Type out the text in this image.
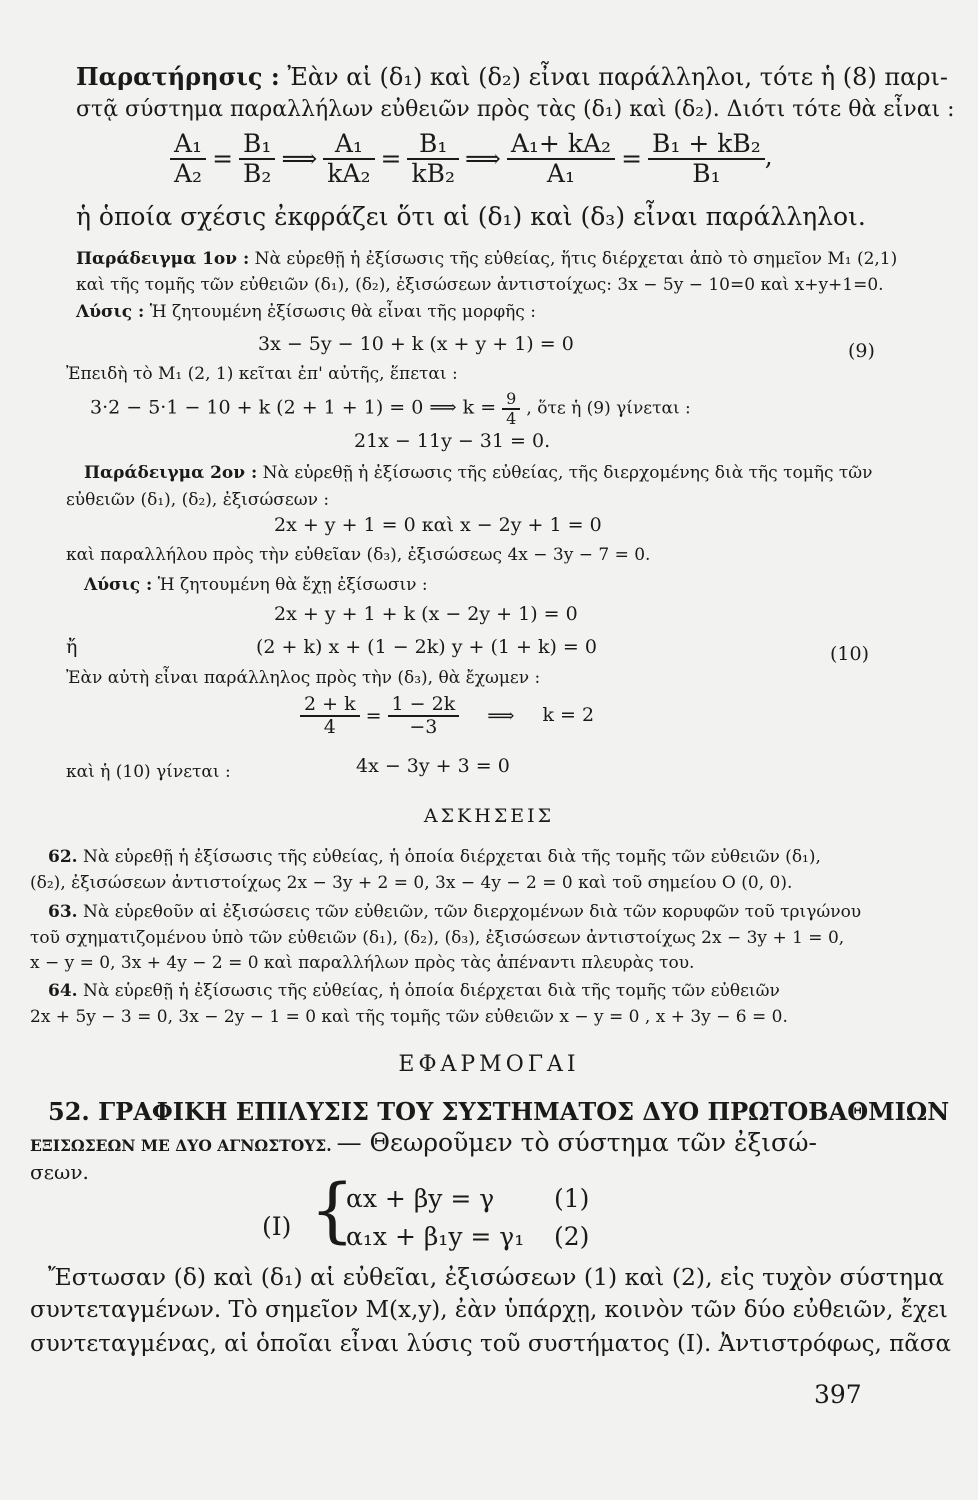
Παρατήρησις : Ἐὰν αἱ (δ₁) καὶ (δ₂) εἶναι παράλληλοι, τότε ἡ (8) παρι-
στᾷ σύστημα παραλλήλων εὐθειῶν πρὸς τὰς (δ₁) καὶ (δ₂). Διότι τότε θὰ εἶναι :
$\frac{\text{A₁}}{\text{A₂}} = \frac{\text{B₁}}{\text{B₂}}$ ⟹ $\frac{\text{A₁}}{\text{kA₂}} = \frac{\text{B₁}}{\text{kB₂}}$ ⟹ $\frac{\text{A₁+ kA₂}}{\text{A₁}} = \frac{\text{B₁ + kB₂}}{\text{B₁}}$ ,
ἡ ὁποία σχέσις ἐκφράζει ὅτι αἱ (δ₁) καὶ (δ₃) εἶναι παράλληλοι.
Παράδειγμα 1ον : Νὰ εὑρεθῇ ἡ ἐξίσωσις τῆς εὐθείας, ἥτις διέρχεται ἀπὸ τὸ σημεῖον M₁ (2,1)
καὶ τῆς τομῆς τῶν εὐθειῶν (δ₁), (δ₂), ἐξισώσεων ἀντιστοίχως: 3x − 5y − 10=0 καὶ x+y+1=0.
Λύσις : Ἡ ζητουμένη ἐξίσωσις θὰ εἶναι τῆς μορφῆς :
3x − 5y − 10 + k (x + y + 1) = 0	(9)
Ἐπειδὴ τὸ M₁ (2, 1) κεῖται ἐπ' αὐτῆς, ἕπεται :
3·2 − 5·1 − 10 + k (2 + 1 + 1) = 0 ⟹ $k = \frac{9}{4}$ , ὅτε ἡ (9) γίνεται :
21x − 11y − 31 = 0.
Παράδειγμα 2ον : Νὰ εὑρεθῇ ἡ ἐξίσωσις τῆς εὐθείας, τῆς διερχομένης διὰ τῆς τομῆς τῶν
εὐθειῶν (δ₁), (δ₂), ἐξισώσεων :
2x + y + 1 = 0 καὶ x − 2y + 1 = 0
καὶ παραλλήλου πρὸς τὴν εὐθεῖαν (δ₃), ἐξισώσεως 4x − 3y − 7 = 0.
Λύσις : Ἡ ζητουμένη θὰ ἔχῃ ἐξίσωσιν :
2x + y + 1 + k (x − 2y + 1) = 0
ἤ	(2 + k) x + (1 − 2k) y + (1 + k) = 0	(10)
Ἐὰν αὐτὴ εἶναι παράλληλος πρὸς τὴν (δ₃), θὰ ἔχωμεν :
$\frac{2 + k}{4} = \frac{1 - 2k}{-3}$ ⟹ k = 2
καὶ ἡ (10) γίνεται :	4x − 3y + 3 = 0
ΑΣΚΗΣΕΙΣ
62. Νὰ εὑρεθῇ ἡ ἐξίσωσις τῆς εὐθείας, ἡ ὁποία διέρχεται διὰ τῆς τομῆς τῶν εὐθειῶν (δ₁),
(δ₂), ἐξισώσεων ἀντιστοίχως 2x − 3y + 2 = 0, 3x − 4y − 2 = 0 καὶ τοῦ σημείου O (0, 0).
63. Νὰ εὑρεθοῦν αἱ ἐξισώσεις τῶν εὐθειῶν, τῶν διερχομένων διὰ τῶν κορυφῶν τοῦ τριγώνου
τοῦ σχηματιζομένου ὑπὸ τῶν εὐθειῶν (δ₁), (δ₂), (δ₃), ἐξισώσεων ἀντιστοίχως 2x − 3y + 1 = 0,
x − y = 0, 3x + 4y − 2 = 0 καὶ παραλλήλων πρὸς τὰς ἀπέναντι πλευρὰς του.
64. Νὰ εὑρεθῇ ἡ ἐξίσωσις τῆς εὐθείας, ἡ ὁποία διέρχεται διὰ τῆς τομῆς τῶν εὐθειῶν
2x + 5y − 3 = 0, 3x − 2y − 1 = 0 καὶ τῆς τομῆς τῶν εὐθειῶν x − y = 0 , x + 3y − 6 = 0.
ΕΦΑΡΜΟΓΑΙ
52. ΓΡΑΦΙΚΗ ΕΠΙΛΥΣΙΣ ΤΟΥ ΣΥΣΤΗΜΑΤΟΣ ΔΥΟ ΠΡΩΤΟΒΑΘΜΙΩΝ
ΕΞΙΣΩΣΕΩΝ ΜΕ ΔΥΟ ΑΓΝΩΣΤΟΥΣ. — Θεωροῦμεν τὸ σύστημα τῶν ἐξισώ-
σεων.
(I) {
αx + βy = γ (1)
α₁x + β₁y = γ₁ (2)
Ἔστωσαν (δ) καὶ (δ₁) αἱ εὐθεῖαι, ἐξισώσεων (1) καὶ (2), εἰς τυχὸν σύστημα
συντεταγμένων. Τὸ σημεῖον M(x,y), ἐὰν ὑπάρχῃ, κοινὸν τῶν δύο εὐθειῶν, ἔχει
συντεταγμένας, αἱ ὁποῖαι εἶναι λύσις τοῦ συστήματος (I). Ἀντιστρόφως, πᾶσα
397
